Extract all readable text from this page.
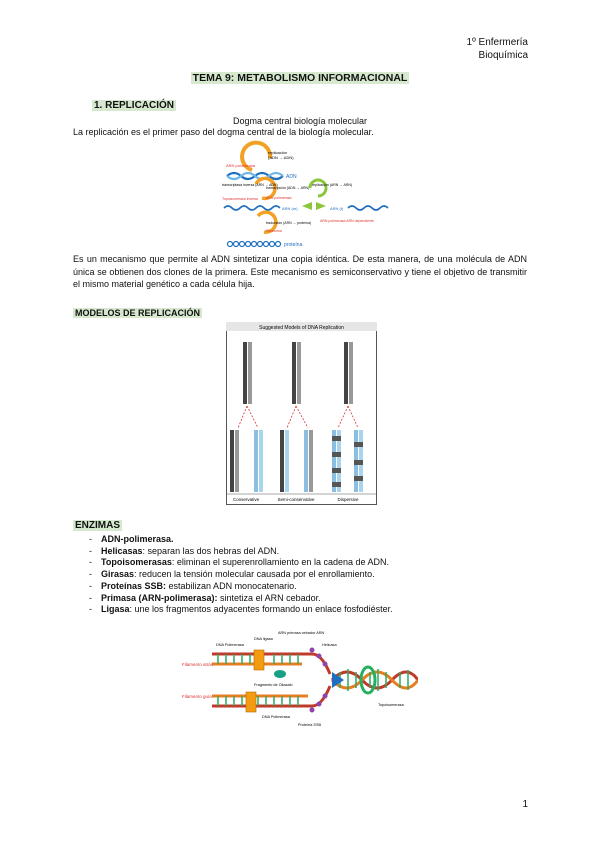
1º Enfermería
Bioquímica
TEMA 9: METABOLISMO INFORMACIONAL
1. REPLICACIÓN
Dogma central biología molecular
La replicación es el primer paso del dogma central de la biología molecular.
replicación
(ADN → ADN)
ARN polimerasa
ADN
transcriptasa inversa (ARN → ADN)
transcripción (ADN → ARN)
Topoisomerasa inversa ARN polimerasa
replicación (ARN → ARN)
ARN (m)	ARN (t)
ARN polimerasa ARN dependiente
traducción (ARN → proteína)
Ribosoma
proteína
Es un mecanismo que permite al ADN sintetizar una copia idéntica. De esta manera, de una molécula de ADN única se obtienen dos clones de la primera. Este mecanismo es semiconservativo y tiene el objetivo de transmitir el mismo material genético a cada célula hija.
MODELOS DE REPLICACIÓN
Suggested Models of DNA Replication
Conservative	Semi-conservative	Dispersive
ENZIMAS
- ADN-polimerasa.
- Helicasas: separan las dos hebras del ADN.
- Topoisomerasas: eliminan el superenrollamiento en la cadena de ADN.
- Girasas: reducen la tensión molecular causada por el enrollamiento.
- Proteínas SSB: estabilizan ADN monocatenario.
- Primasa (ARN-polimerasa): sintetiza el ARN cebador.
- Ligasa: une los fragmentos adyacentes formando un enlace fosfodiéster.
Filamento atrás
Filamento guía
DNA Polimerasa
DNA ligasa
ARN primasa cebador ARN
Helicasa
Topoisomerasa
Fragmento de Okazaki
DNA Polimerasa
Proteína SSB
1
